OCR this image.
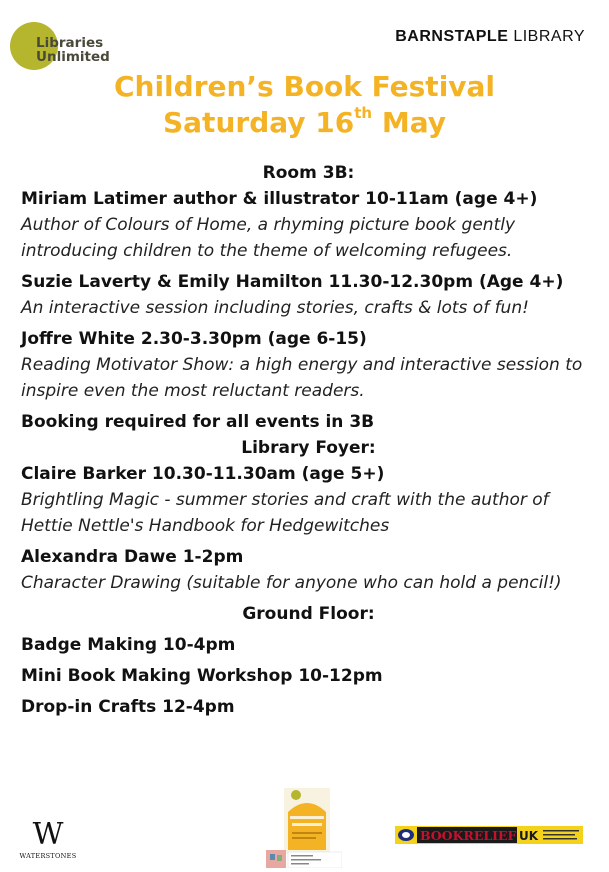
Libraries
Unlimited
BARNSTAPLE LIBRARY
Children’s Book Festival
Saturday 16th May
Room 3B:
Miriam Latimer author & illustrator 10-11am (age 4+)
Author of Colours of Home, a rhyming picture book gently introducing children to the theme of welcoming refugees.
Suzie Laverty & Emily Hamilton 11.30-12.30pm (Age 4+)
An interactive session including stories, crafts & lots of fun!
Joffre White 2.30-3.30pm (age 6-15)
Reading Motivator Show: a high energy and interactive session to inspire even the most reluctant readers.
Booking required for all events in 3B
Library Foyer:
Claire Barker 10.30-11.30am (age 5+)
Brightling Magic - summer stories and craft with the author of Hettie Nettle's Handbook for Hedgewitches
Alexandra Dawe 1-2pm
Character Drawing (suitable for anyone who can hold a pencil!)
Ground Floor:
Badge Making 10-4pm
Mini Book Making Workshop 10-12pm
Drop-in Crafts 12-4pm
W
WATERSTONES
BOOKRELIEF UK
